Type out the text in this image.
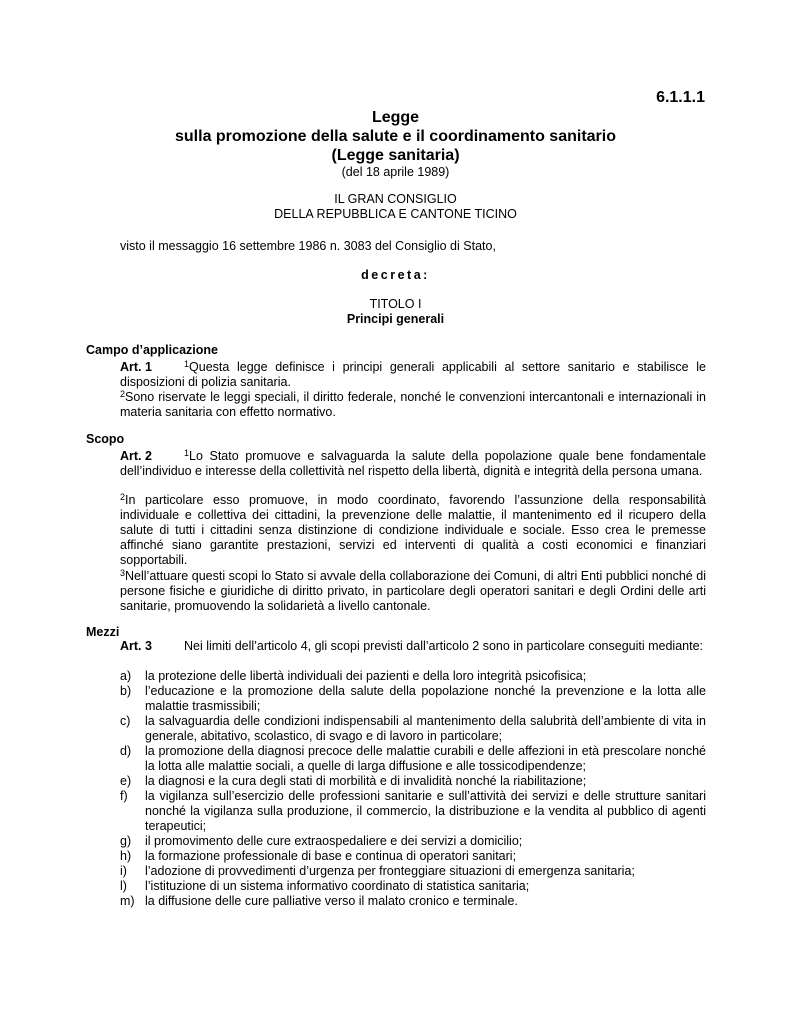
6.1.1.1
Legge
sulla promozione della salute e il coordinamento sanitario
(Legge sanitaria)
(del 18 aprile 1989)
IL GRAN CONSIGLIO
DELLA REPUBBLICA E CANTONE TICINO
visto il messaggio 16 settembre 1986 n. 3083 del Consiglio di Stato,
decreta:
TITOLO I
Principi generali
Campo d’applicazione
Art. 1	$^1$Questa legge definisce i principi generali applicabili al settore sanitario e stabilisce le disposizioni di polizia sanitaria.
$^2$Sono riservate le leggi speciali, il diritto federale, nonché le convenzioni intercantonali e internazionali in materia sanitaria con effetto normativo.
Scopo
Art. 2	$^1$Lo Stato promuove e salvaguarda la salute della popolazione quale bene fondamentale dell’individuo e interesse della collettività nel rispetto della libertà, dignità e integrità della persona umana.
$^2$In particolare esso promuove, in modo coordinato, favorendo l’assunzione della responsabilità individuale e collettiva dei cittadini, la prevenzione delle malattie, il mantenimento ed il ricupero della salute di tutti i cittadini senza distinzione di condizione individuale e sociale. Esso crea le premesse affinché siano garantite prestazioni, servizi ed interventi di qualità a costi economici e finanziari sopportabili.
$^3$Nell’attuare questi scopi lo Stato si avvale della collaborazione dei Comuni, di altri Enti pubblici nonché di persone fisiche e giuridiche di diritto privato, in particolare degli operatori sanitari e degli Ordini delle arti sanitarie, promuovendo la solidarietà a livello cantonale.
Mezzi
Art. 3	Nei limiti dell’articolo 4, gli scopi previsti dall’articolo 2 sono in particolare conseguiti mediante:
a)	la protezione delle libertà individuali dei pazienti e della loro integrità psicofisica;
b)	l’educazione e la promozione della salute della popolazione nonché la prevenzione e la lotta alle malattie trasmissibili;
c)	la salvaguardia delle condizioni indispensabili al mantenimento della salubrità dell’ambiente di vita in generale, abitativo, scolastico, di svago e di lavoro in particolare;
d)	la promozione della diagnosi precoce delle malattie curabili e delle affezioni in età prescolare nonché la lotta alle malattie sociali, a quelle di larga diffusione e alle tossicodipendenze;
e)	la diagnosi e la cura degli stati di morbilità e di invalidità nonché la riabilitazione;
f)	la vigilanza sull’esercizio delle professioni sanitarie e sull’attività dei servizi e delle strutture sanitari nonché la vigilanza sulla produzione, il commercio, la distribuzione e la vendita al pubblico di agenti terapeutici;
g)	il promovimento delle cure extraospedaliere e dei servizi a domicilio;
h)	la formazione professionale di base e continua di operatori sanitari;
i)	l’adozione di provvedimenti d’urgenza per fronteggiare situazioni di emergenza sanitaria;
l)	l’istituzione di un sistema informativo coordinato di statistica sanitaria;
m) la diffusione delle cure palliative verso il malato cronico e terminale.
